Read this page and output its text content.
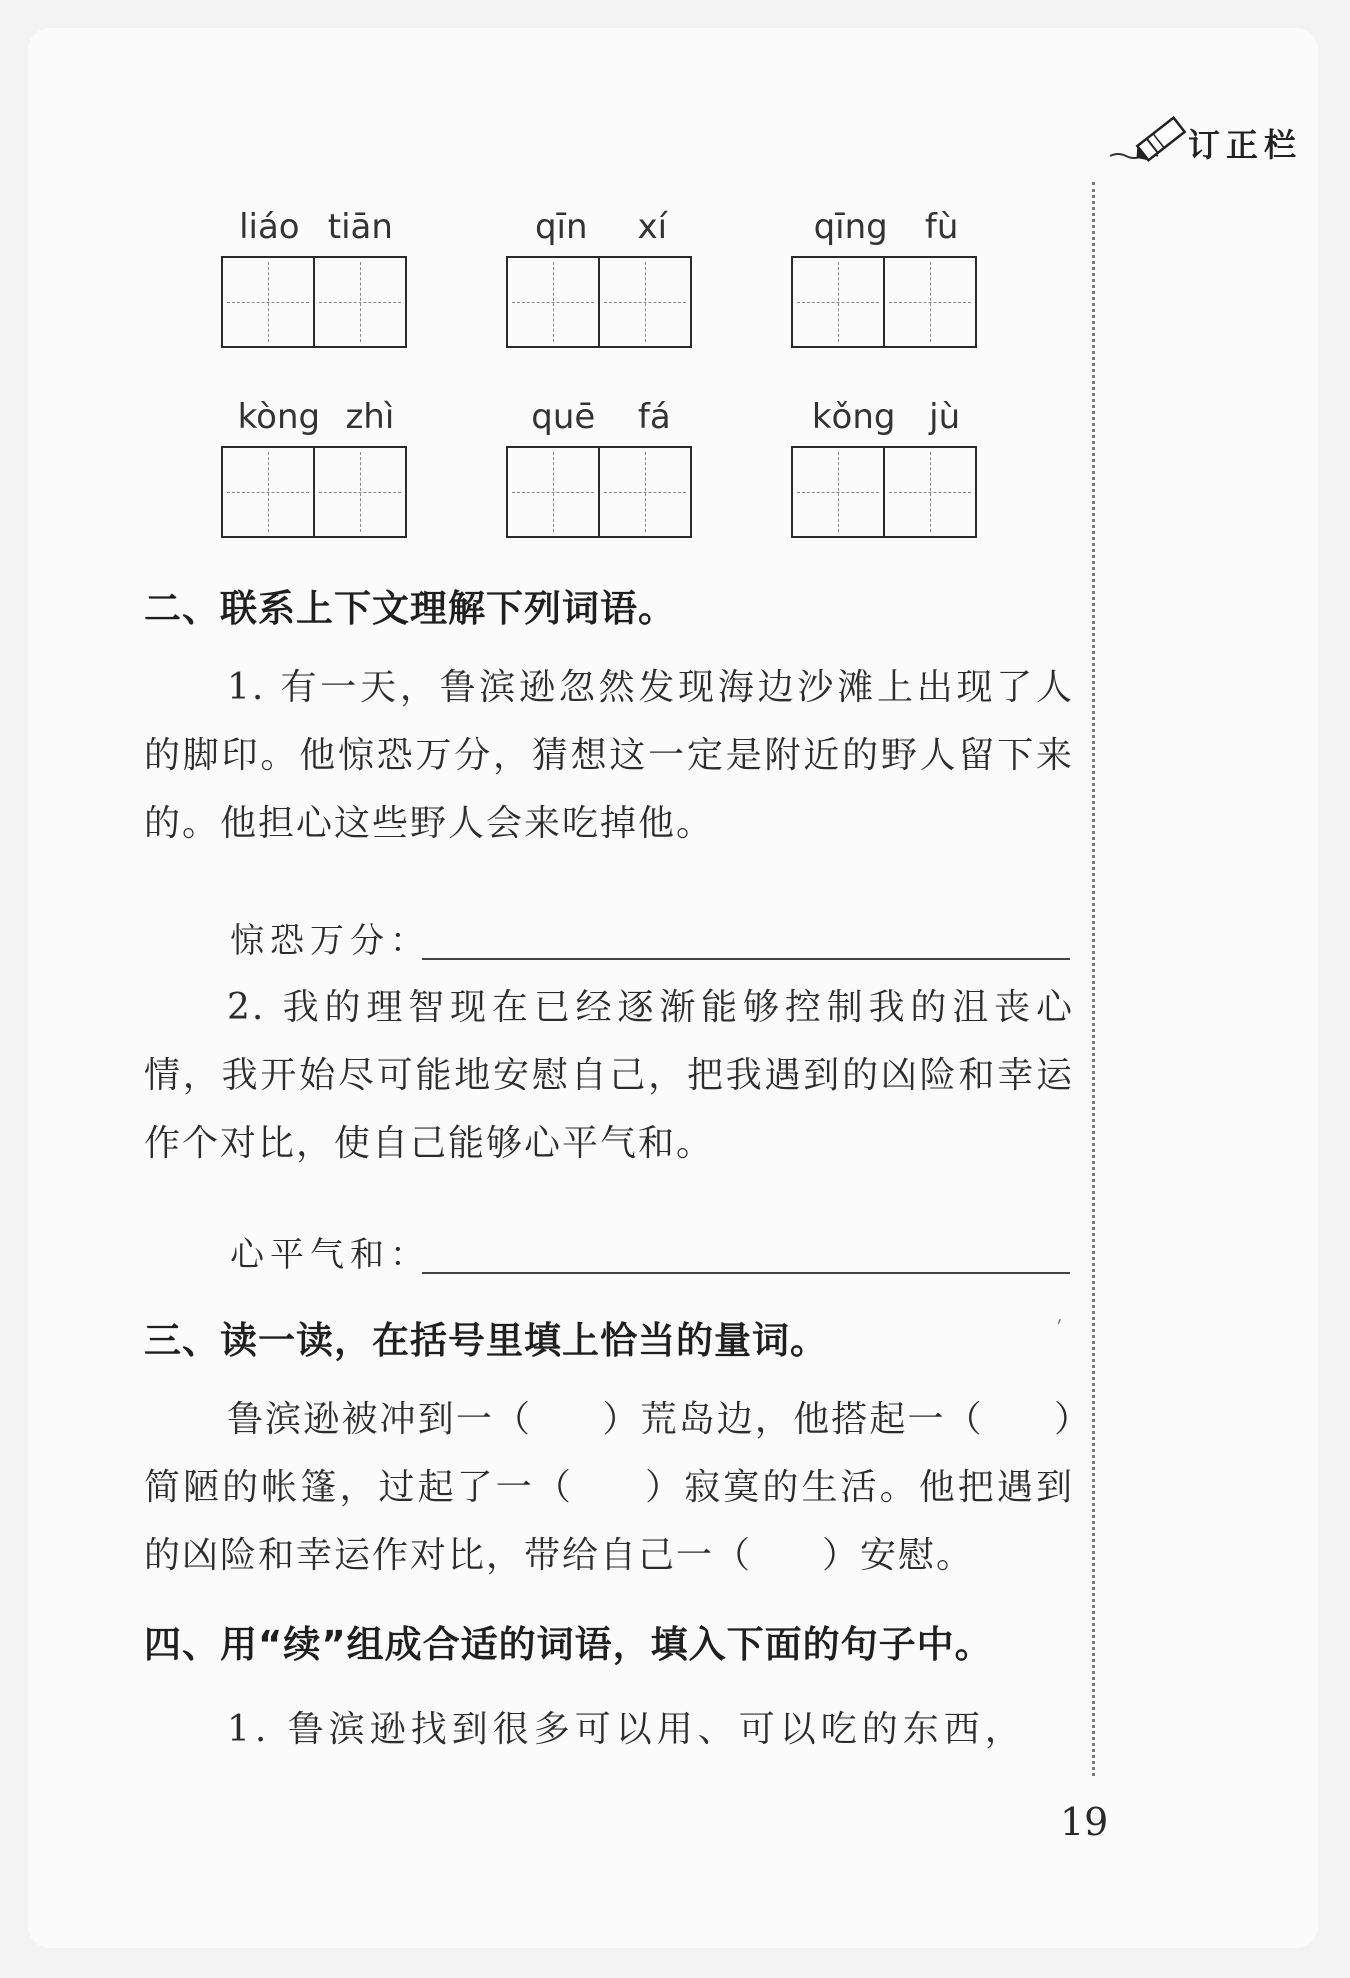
订正栏
liáo tiān	qīn xí	qīng fù
kòng zhì	quē fá	kǒng jù
二、联系上下文理解下列词语。

1. 有一天，鲁滨逊忽然发现海边沙滩上出现了人的脚印。他惊恐万分，猜想这一定是附近的野人留下来的。他担心这些野人会来吃掉他。

惊恐万分：

2. 我的理智现在已经逐渐能够控制我的沮丧心情，我开始尽可能地安慰自己，把我遇到的凶险和幸运作个对比，使自己能够心平气和。

心平气和：
三、读一读，在括号里填上恰当的量词。	ˊ

鲁滨逊被冲到一（ ）荒岛边，他搭起一（ ）简陋的帐篷，过起了一（ ）寂寞的生活。他把遇到的凶险和幸运作对比，带给自己一（ ）安慰。

四、用“续”组成合适的词语，填入下面的句子中。

1. 鲁滨逊找到很多可以用、可以吃的东西，

19
